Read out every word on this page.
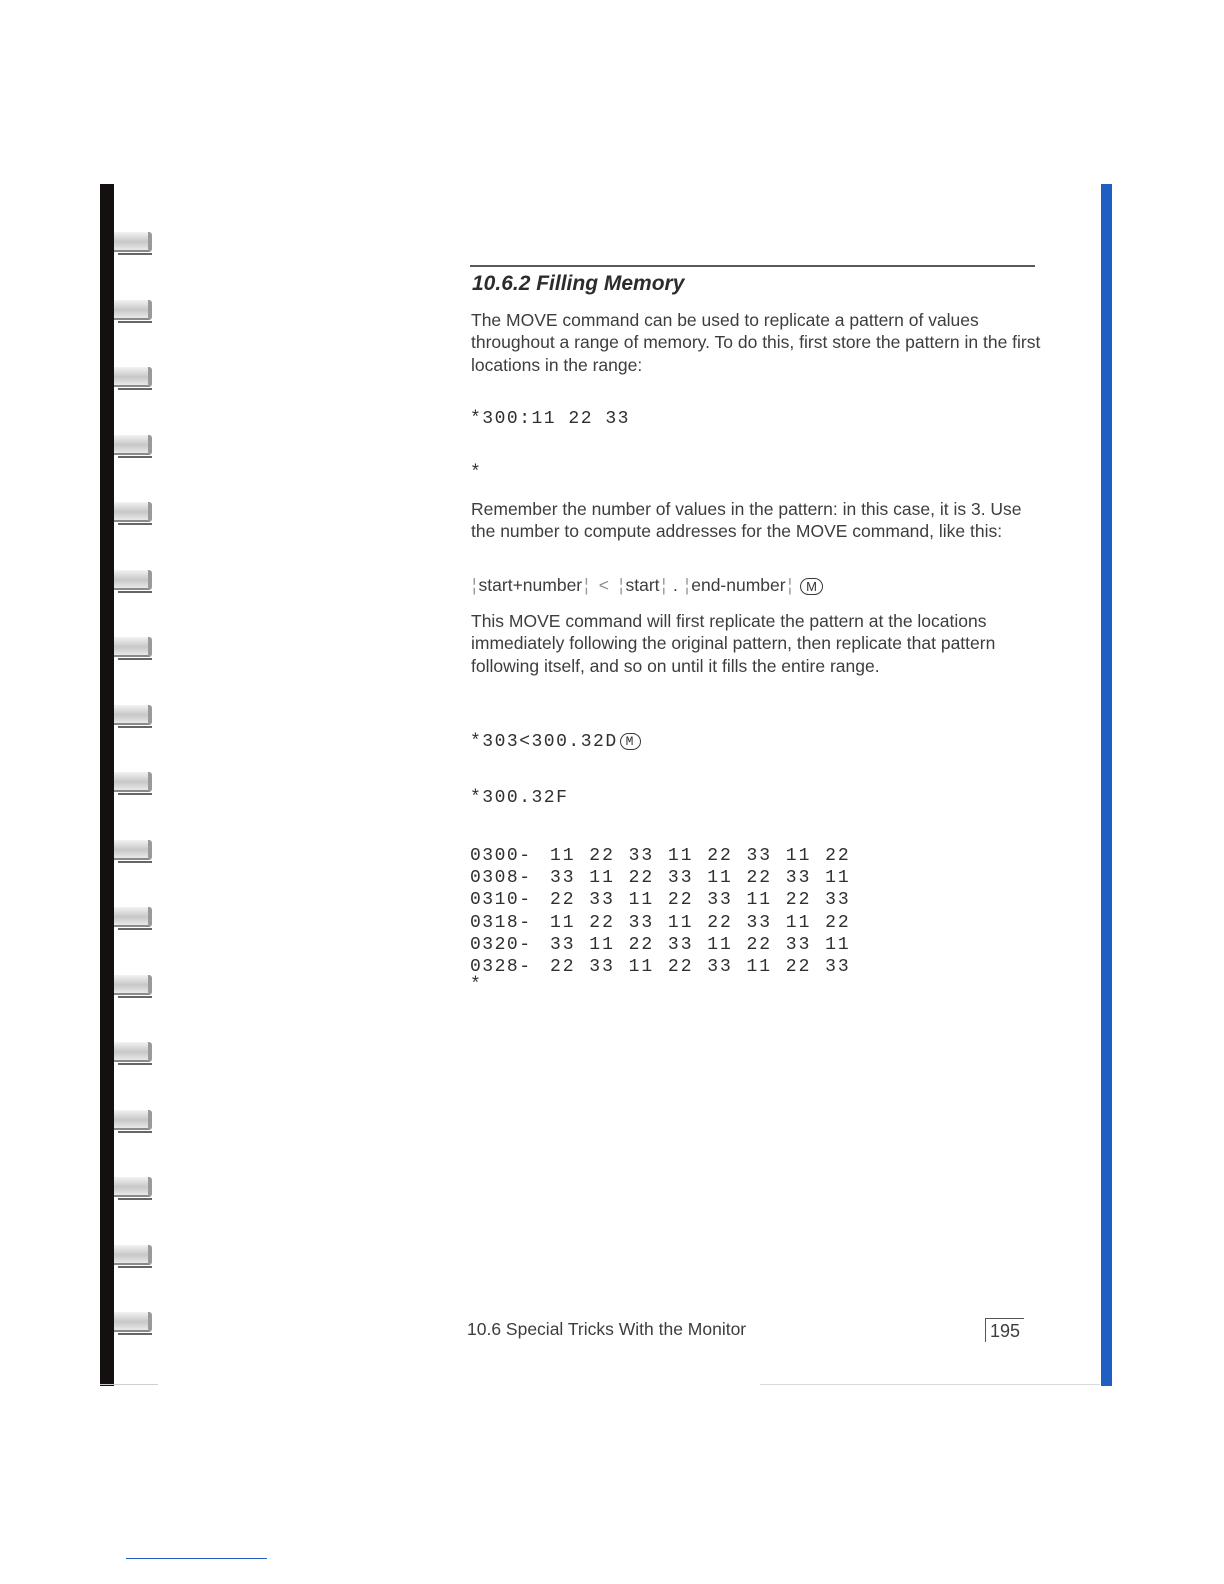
10.6.2 Filling Memory

The MOVE command can be used to replicate a pattern of values throughout a range of memory. To do this, first store the pattern in the first locations in the range:

*300:11 22 33
*

Remember the number of values in the pattern: in this case, it is 3. Use the number to compute addresses for the MOVE command, like this:

¦ start+number ¦ < ¦ start ¦ . ¦ end-number ¦ M

This MOVE command will first replicate the pattern at the locations immediately following the original pattern, then replicate that pattern following itself, and so on until it fills the entire range.

*303<300.32D M
*300.32F
0300-	11	22	33	11	22	33	11	22
0308-	33	11	22	33	11	22	33	11
0310-	22	33	11	22	33	11	22	33
0318-	11	22	33	11	22	33	11	22
0320-	33	11	22	33	11	22	33	11
0328-	22	33	11	22	33	11	22	33
*
10.6 Special Tricks With the Monitor	195
